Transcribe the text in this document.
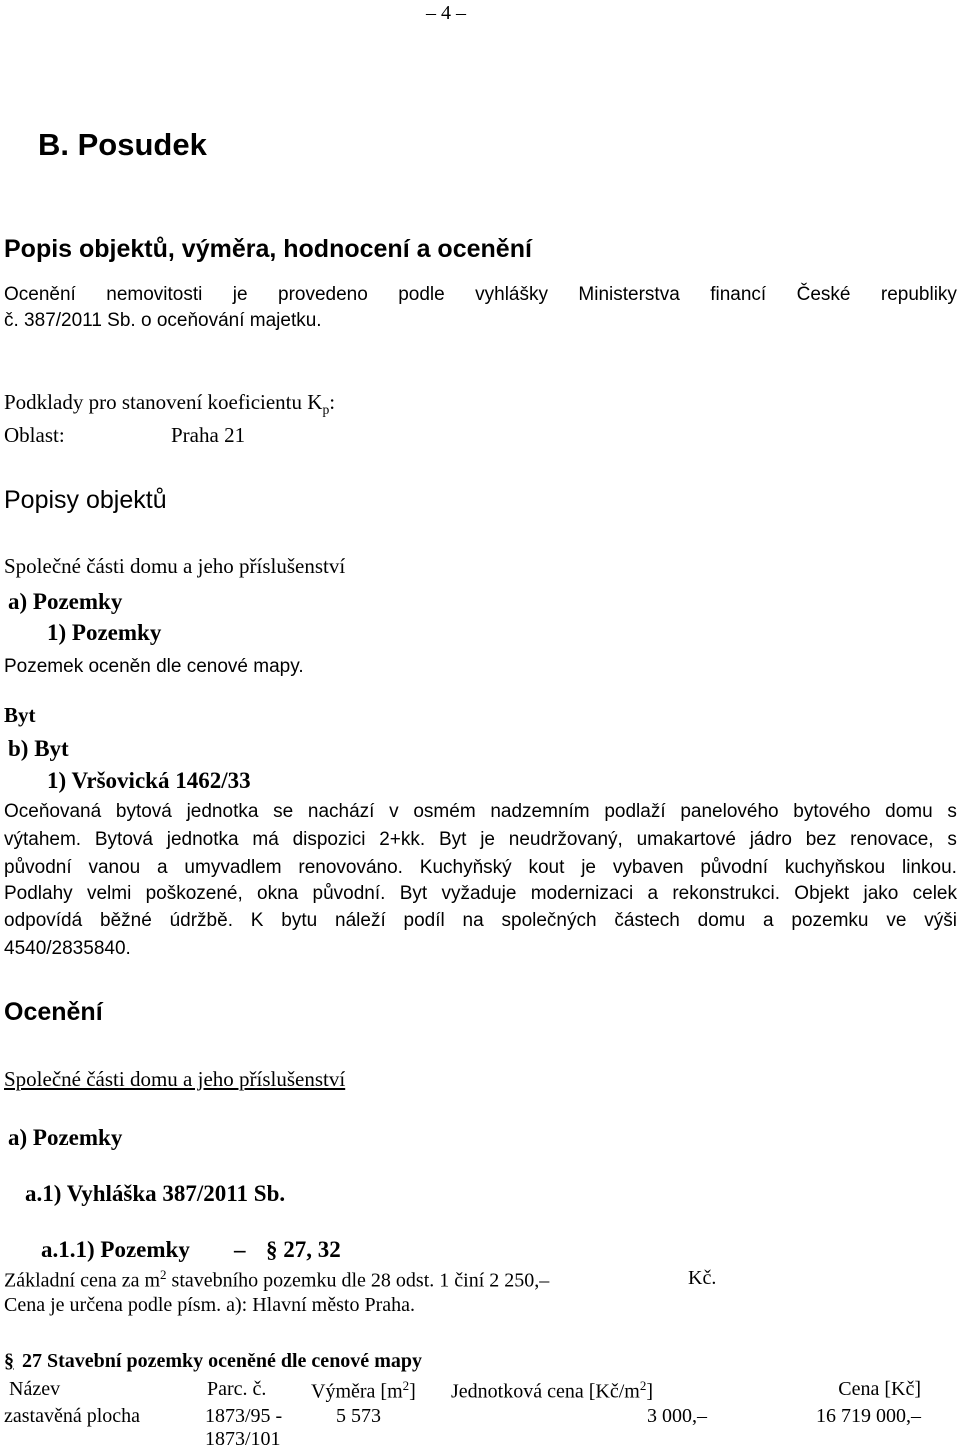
– 4 –
B. Posudek
Popis objektů, výměra, hodnocení a ocenění
Ocenění nemovitosti je provedeno podle vyhlášky Ministerstva financí České republiky
č. 387/2011 Sb. o oceňování majetku.
Podklady pro stanovení koeficientu $K_p$:
Oblast:	Praha 21
Popisy objektů
Společné části domu a jeho příslušenství
a) Pozemky
1) Pozemky
Pozemek oceněn dle cenové mapy.
Byt
b) Byt
1) Vršovická 1462/33
Oceňovaná bytová jednotka se nachází v osmém nadzemním podlaží panelového bytového domu s
výtahem. Bytová jednotka má dispozici 2+kk. Byt je neudržovaný, umakartové jádro bez renovace, s
původní vanou a umyvadlem renovováno. Kuchyňský kout je vybaven původní kuchyňskou linkou.
Podlahy velmi poškozené, okna původní. Byt vyžaduje modernizaci a rekonstrukci. Objekt jako celek
odpovídá běžné údržbě. K bytu náleží podíl na společných částech domu a pozemku ve výši
4540/2835840.
Ocenění
Společné části domu a jeho příslušenství
a) Pozemky
a.1) Vyhláška 387/2011 Sb.
a.1.1) Pozemky – § 27, 32
Základní cena za $m^2$ stavebního pozemku dle 28 odst. 1 činí 2 250,–	Kč.
Cena je určena podle písm. a): Hlavní město Praha.
§ 27 Stavební pozemky oceněné dle cenové mapy
Název	Parc. č.	Výměra $[m^2]$	Jednotková cena $[Kč/m^2]$	Cena [Kč]
zastavěná plocha	1873/95 -
1873/101	5 573	3 000,–	16 719 000,–
